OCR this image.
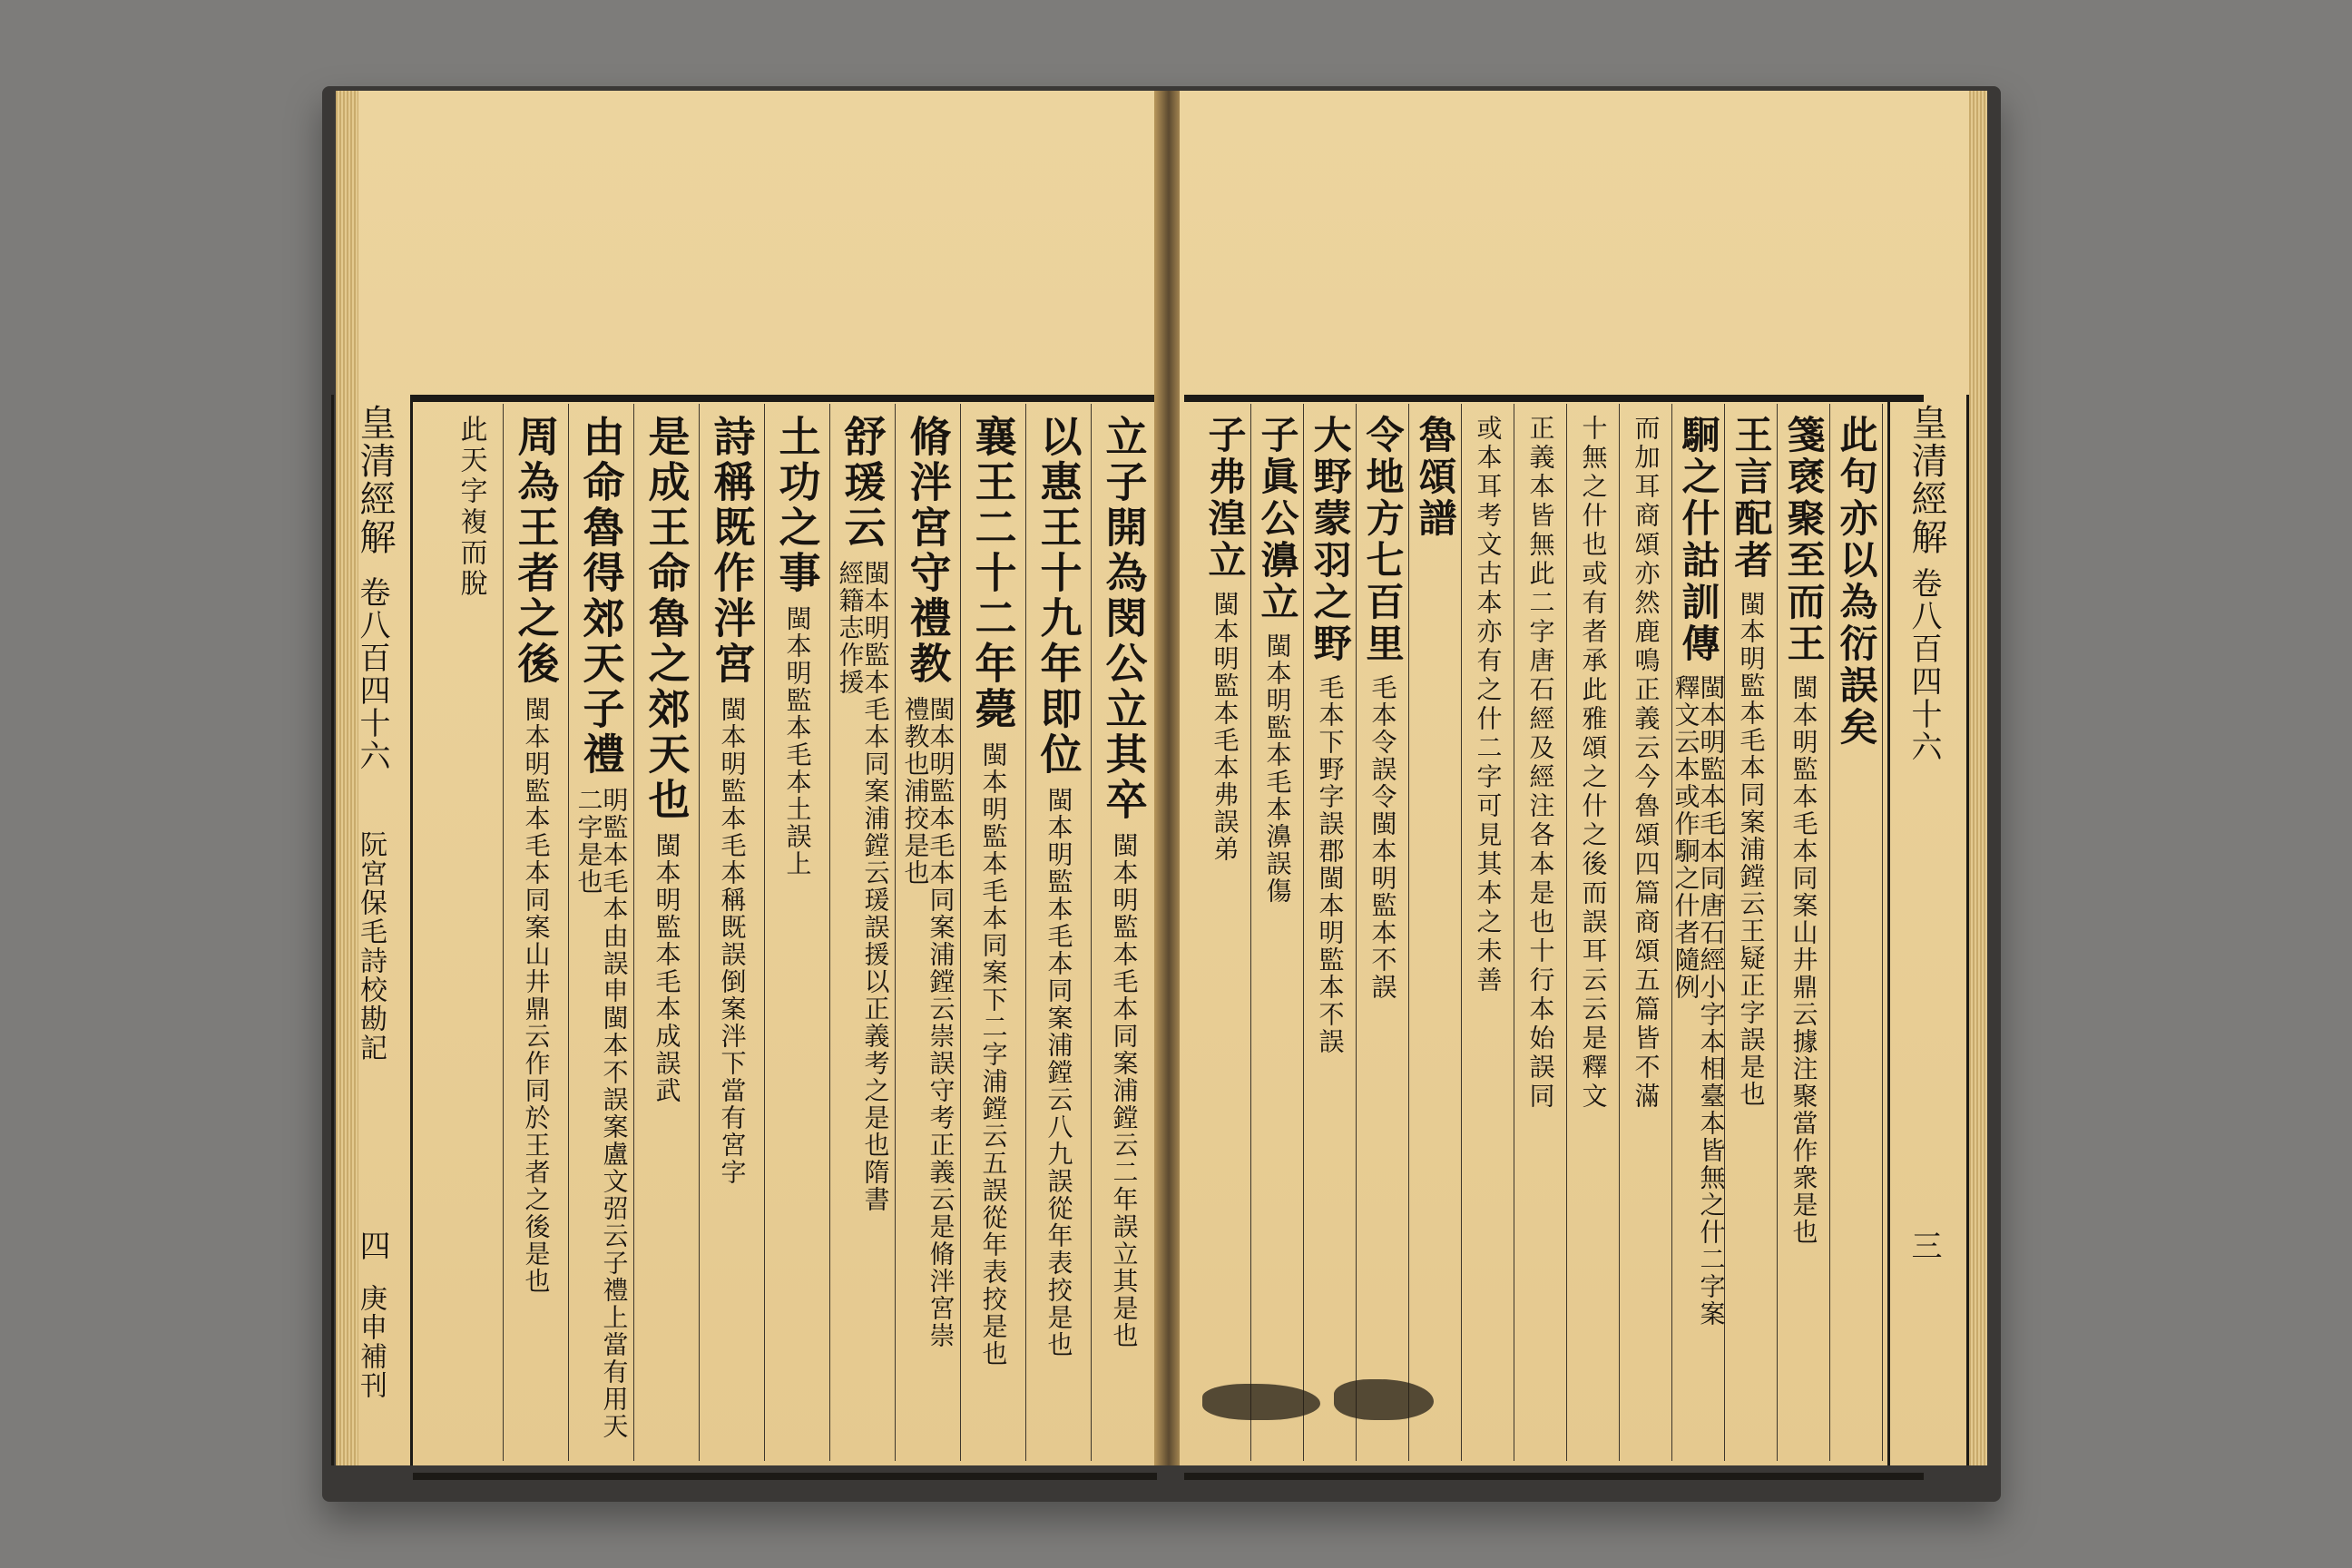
皇清經解
卷八百四十六
阮宮保毛詩校勘記
四
庚申補刊
立子開為閔公立其卒
閩本明監本毛本同案浦鏜云二年誤立其是也
以惠王十九年即位
閩本明監本毛本同案浦鏜云八九誤從年表挍是也
襄王二十二年薨
閩本明監本毛本同案下二字浦鏜云五誤從年表挍是也
脩泮宮守禮教
閩本明監本毛本同案浦鏜云崇誤守考正義云是脩泮宮崇禮教也浦挍是也
舒瑗云
閩本明監本毛本同案浦鏜云瑗誤援以正義考之是也隋書經籍志作援
土功之事
閩本明監本毛本土誤上
詩稱既作泮宮
閩本明監本毛本稱既誤倒案泮下當有宮字
是成王命魯之郊天也
閩本明監本毛本成誤武
由命魯得郊天子禮
明監本毛本由誤申閩本不誤案盧文弨云子禮上當有用天二字是也
周為王者之後
閩本明監本毛本同案山井鼎云作同於王者之後是也
此天字複而脫	皇清經解
卷八百四十六
三
此句亦以為衍誤矣
箋褎聚至而王
閩本明監本毛本同案山井鼎云據注聚當作衆是也
王言配者
閩本明監本毛本同案浦鏜云王疑正字誤是也
駉之什詁訓傳
閩本明監本毛本同唐石經小字本相臺本皆無之什二字案釋文云本或作駉之什者隨例
而加耳商頌亦然鹿鳴正義云今魯頌四篇商頌五篇皆不滿
十無之什也或有者承此雅頌之什之後而誤耳云云是釋文
正義本皆無此二字唐石經及經注各本是也十行本始誤同
或本耳考文古本亦有之什二字可見其本之未善
魯頌譜
令地方七百里
毛本令誤令閩本明監本不誤
大野蒙羽之野
毛本下野字誤郡閩本明監本不誤
子眞公濞立
閩本明監本毛本濞誤傷
子弗湟立
閩本明監本毛本弗誤弟
